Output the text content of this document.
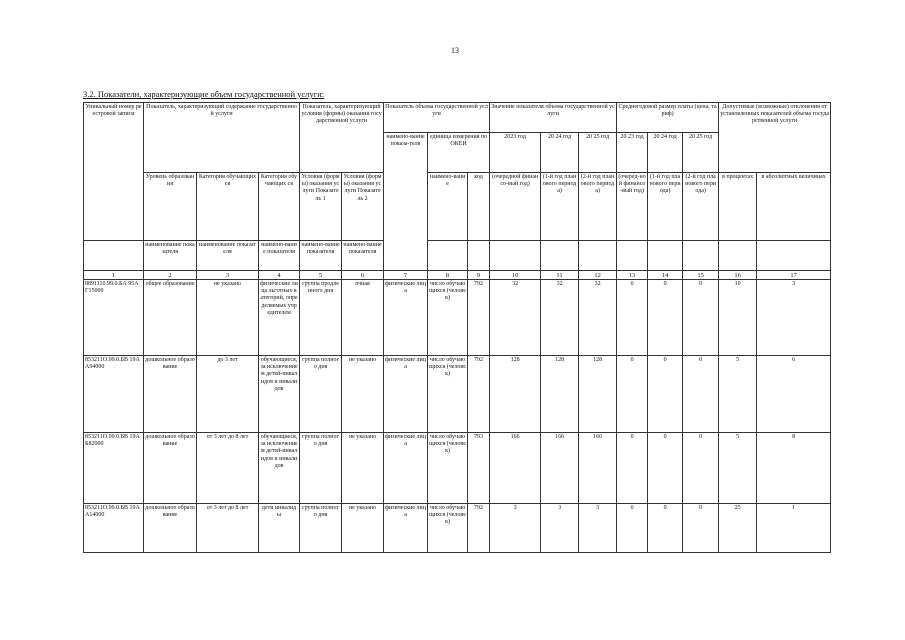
13
3.2. Показатели, характеризующие объем государственной услуги:
Уникальный номер реестровой записи	Показатель, характеризующий содержание государственной услуги			Показатель, характеризующий условия (формы) оказания государственной услуги		Показатель объема государственной услуги			Значение показателя объема государственной услуги			Среднегодовой размер платы (цена, тариф)			Допустимые (возможные) отклонения от установленных показателей объема государственной услуги	
						наимено-вание показа-теля	единица измерения по ОКЕИ		2023 год	20 24 год	20 25 год	20 23 год	20 24 год	20 25 год		
	Уровень образования	Категория обучающихся	Категория обучающих ся	Условия (формы) оказания услуги Показатель 1	Условия (формы) оказания услуги Показатель 2		наимено-вание	код	(очередной финансо-вый год)	(1-й год планового периода)	(2-й год планового периода)	(очеред-ной финансо-вый год)	(1-й год планового периода)	(2-й год планового периода)	в процентах	в абсолютных величинах
	наименование показателя	наименование показателя	наимено-вание показателя	наимено-вание показателя	наимено-вание показателя											
1	2	3	4	5	6	7	8	9	10	11	12	13	14	15	16	17
8891110.99.0.БА 95АГ15000	общее образование	не указано	физические лица льготных категорий, определяемых учредителем	группа продленного дня	очная	физические лица	число обучающихся (человек)	792	32	32	32	0	0	0	10	3
853211О.99.0.БВ 19АА94000	дошкольное образование	до 3 лет	обучающиеся, за исключением детей-инвалидов и инвалидов	группа полного дня	не указано	физические лица	число обучающихся (человек)	792	128	128	128	0	0	0	5	6
853211О.99.0.БВ 19АБ82000	дошкольное образование	от 3 лет до 8 лет	обучающиеся, за исключением детей-инвалидов и инвалидов	группа полного дня	не указано	физические лица	число обучающихся (человек)	793	166	166	166	0	0	0	5	8
853211О.99.0.БВ 19АА14000	дошкольное образование	от 3 лет до 8 лет	дети инвалиды	группа полного дня	не указано	физические лица	число обучающихся (человек)	792	3	3	3	0	0	0	25	1
